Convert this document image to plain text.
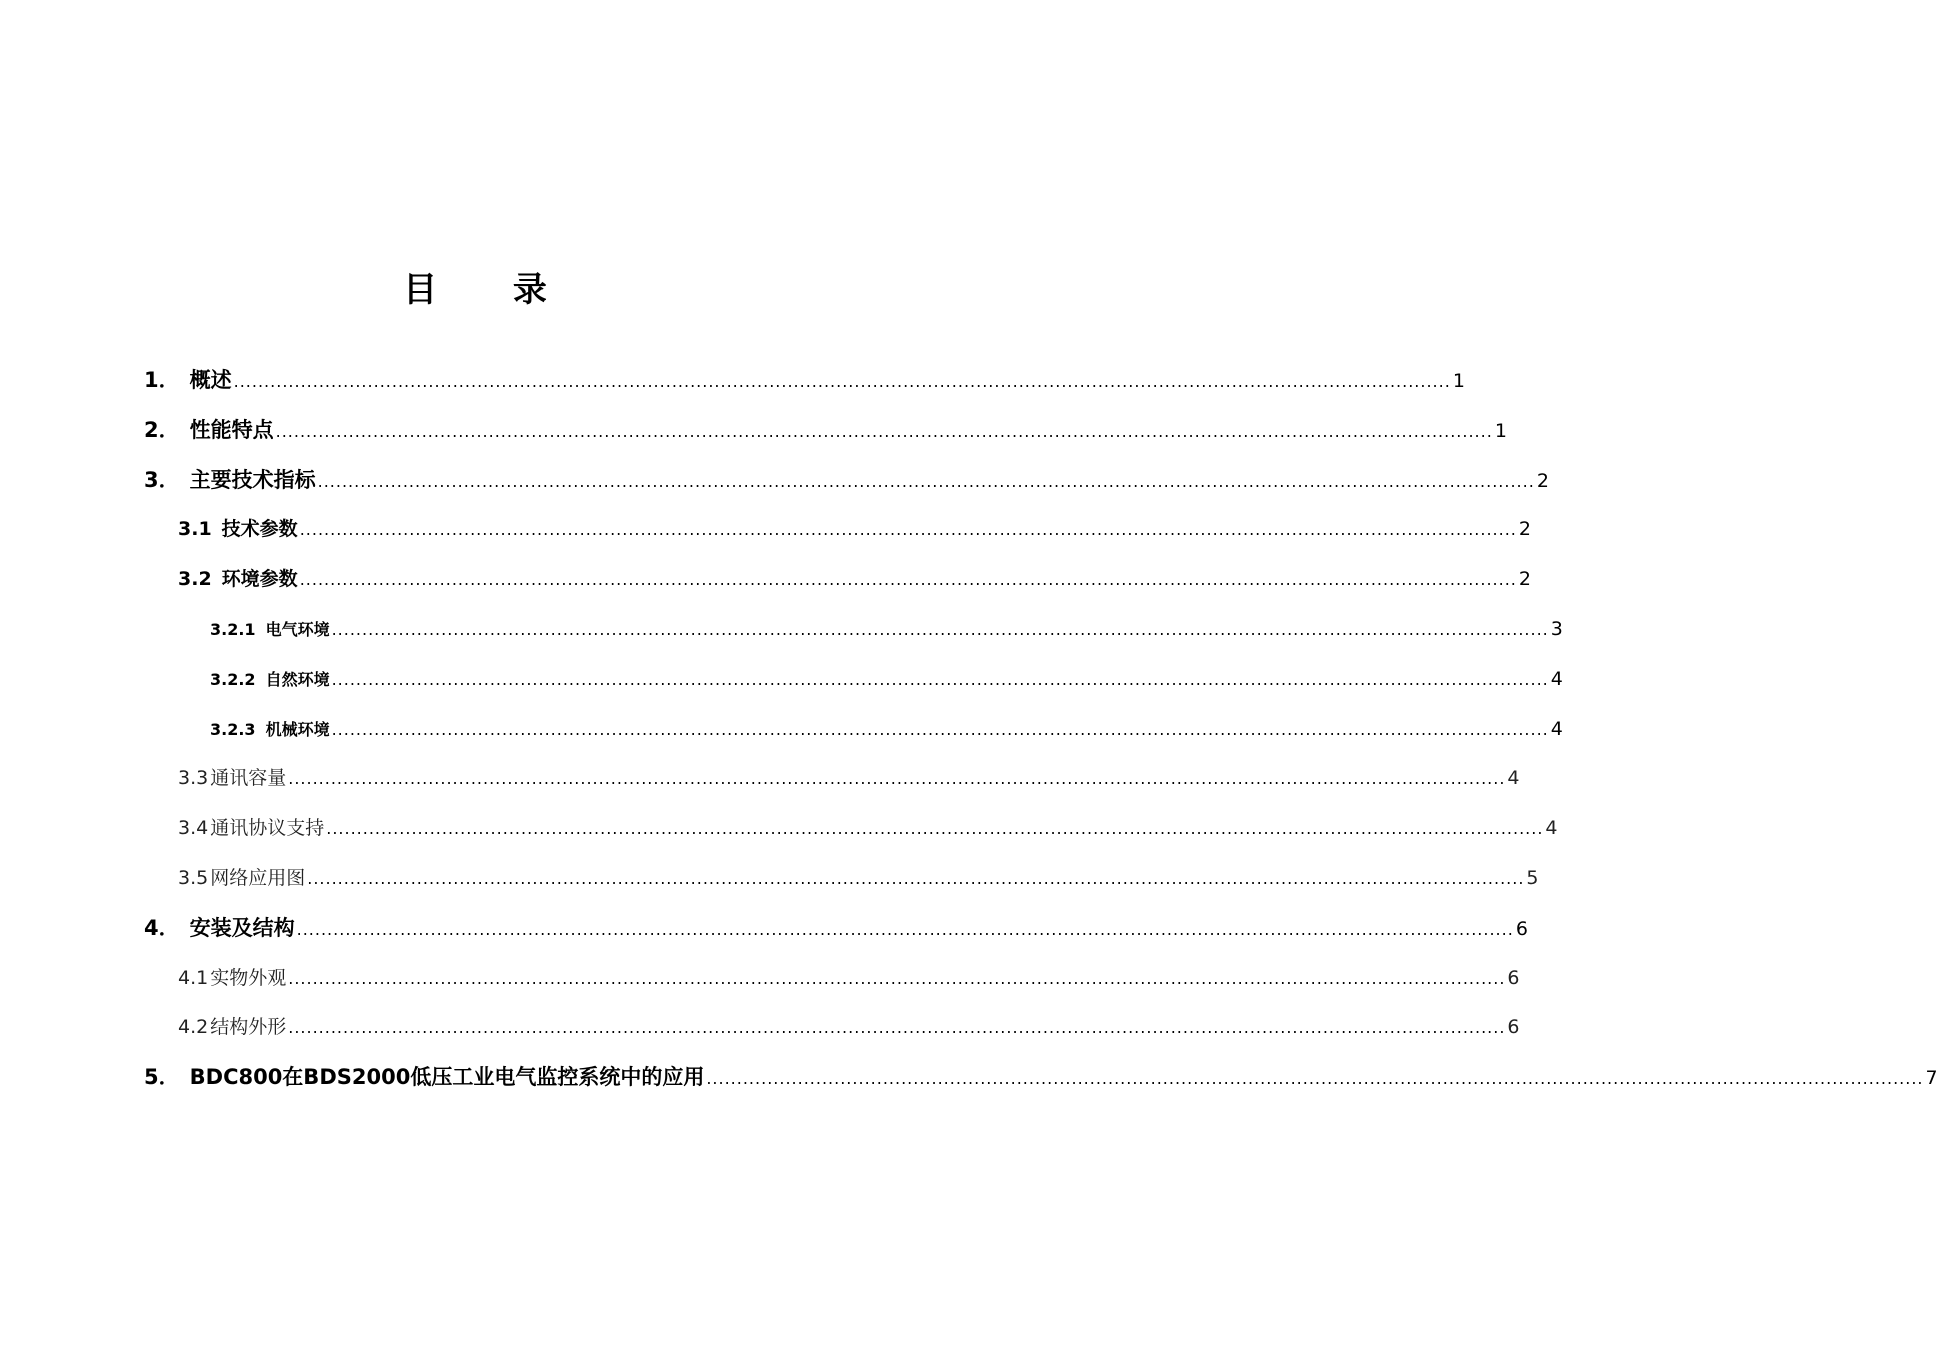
目 录
1． 概述 ........................................................................................................................................................................................................ 1
2． 性能特点 ........................................................................................................................................................................................................ 1
3． 主要技术指标 ........................................................................................................................................................................................................ 2
3.1 技术参数 ........................................................................................................................................................................................................ 2
3.2 环境参数 ........................................................................................................................................................................................................ 2
3.2.1 电气环境 ........................................................................................................................................................................................................ 3
3.2.2 自然环境 ........................................................................................................................................................................................................ 4
3.2.3 机械环境 ........................................................................................................................................................................................................ 4
3.3 通讯容量 ........................................................................................................................................................................................................ 4
3.4 通讯协议支持 ........................................................................................................................................................................................................ 4
3.5 网络应用图 ........................................................................................................................................................................................................ 5
4． 安装及结构 ........................................................................................................................................................................................................ 6
4.1 实物外观 ........................................................................................................................................................................................................ 6
4.2 结构外形 ........................................................................................................................................................................................................ 6
5． BDC800在BDS2000低压工业电气监控系统中的应用 ........................................................................................................................................................................................................ 7
